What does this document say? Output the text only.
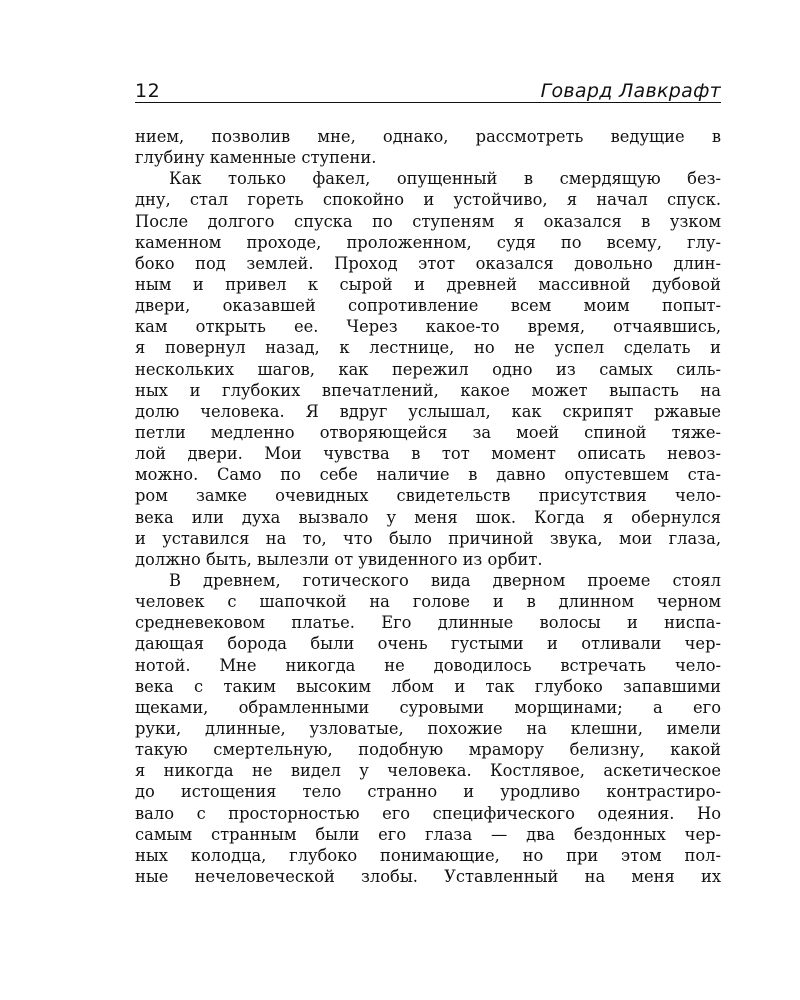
12	Говард Лавкрафт
нием, позволив мне, однако, рассмотреть ведущие в
глубину каменные ступени.
Как только факел, опущенный в смердящую без-
дну, стал гореть спокойно и устойчиво, я начал спуск.
После долгого спуска по ступеням я оказался в узком
каменном проходе, проложенном, судя по всему, глу-
боко под землей. Проход этот оказался довольно длин-
ным и привел к сырой и древней массивной дубовой
двери, оказавшей сопротивление всем моим попыт-
кам открыть ее. Через какое-то время, отчаявшись,
я повернул назад, к лестнице, но не успел сделать и
нескольких шагов, как пережил одно из самых силь-
ных и глубоких впечатлений, какое может выпасть на
долю человека. Я вдруг услышал, как скрипят ржавые
петли медленно отворяющейся за моей спиной тяже-
лой двери. Мои чувства в тот момент описать невоз-
можно. Само по себе наличие в давно опустевшем ста-
ром замке очевидных свидетельств присутствия чело-
века или духа вызвало у меня шок. Когда я обернулся
и уставился на то, что было причиной звука, мои глаза,
должно быть, вылезли от увиденного из орбит.
В древнем, готического вида дверном проеме стоял
человек с шапочкой на голове и в длинном черном
средневековом платье. Его длинные волосы и ниспа-
дающая борода были очень густыми и отливали чер-
нотой. Мне никогда не доводилось встречать чело-
века с таким высоким лбом и так глубоко запавшими
щеками, обрамленными суровыми морщинами; а его
руки, длинные, узловатые, похожие на клешни, имели
такую смертельную, подобную мрамору белизну, какой
я никогда не видел у человека. Костлявое, аскетическое
до истощения тело странно и уродливо контрастиро-
вало с просторностью его специфического одеяния. Но
самым странным были его глаза — два бездонных чер-
ных колодца, глубоко понимающие, но при этом пол-
ные нечеловеческой злобы. Уставленный на меня их
